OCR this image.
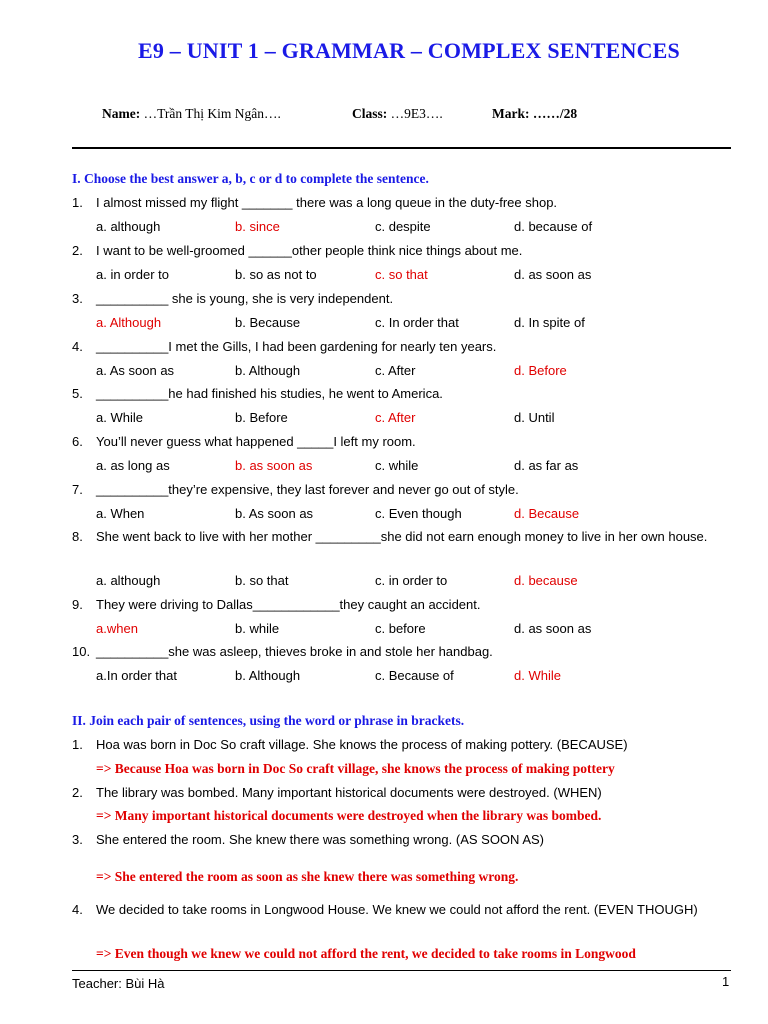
E9 – UNIT 1 – GRAMMAR – COMPLEX SENTENCES
Name: …Trần Thị Kim Ngân….	Class: …9E3….	Mark: ……/28
I. Choose the best answer a, b, c or d to complete the sentence.
1. I almost missed my flight _______ there was a long queue in the duty-free shop.
a. although	b. since	c. despite	d. because of
2. I want to be well-groomed ______other people think nice things about me.
a. in order to	b. so as not to	c. so that	d. as soon as
3. __________ she is young, she is very independent.
a. Although	b. Because	c. In order that	d. In spite of
4. __________I met the Gills, I had been gardening for nearly ten years.
a. As soon as	b. Although	c. After	d. Before
5. __________he had finished his studies, he went to America.
a. While	b. Before	c. After	d. Until
6. You’ll never guess what happened _____I left my room.
a. as long as	b. as soon as	c. while	d. as far as
7. __________they’re expensive, they last forever and never go out of style.
a. When	b. As soon as	c. Even though	d. Because
8. She went back to live with her mother _________she did not earn enough money to live in her own house.
a. although	b. so that	c. in order to	d. because
9. They were driving to Dallas____________they caught an accident.
a.when	b. while	c. before	d. as soon as
10. __________she was asleep, thieves broke in and stole her handbag.
a.In order that	b. Although	c. Because of	d. While
II. Join each pair of sentences, using the word or phrase in brackets.
1. Hoa was born in Doc So craft village. She knows the process of making pottery. (BECAUSE)
=> Because Hoa was born in Doc So craft village, she knows the process of making pottery
2. The library was bombed. Many important historical documents were destroyed. (WHEN)
=> Many important historical documents were destroyed when the library was bombed.
3. She entered the room. She knew there was something wrong. (AS SOON AS)
=> She entered the room as soon as she knew there was something wrong.
4. We decided to take rooms in Longwood House. We knew we could not afford the rent. (EVEN THOUGH)
=> Even though we knew we could not afford the rent, we decided to take rooms in Longwood
Teacher: Bùi Hà	1
